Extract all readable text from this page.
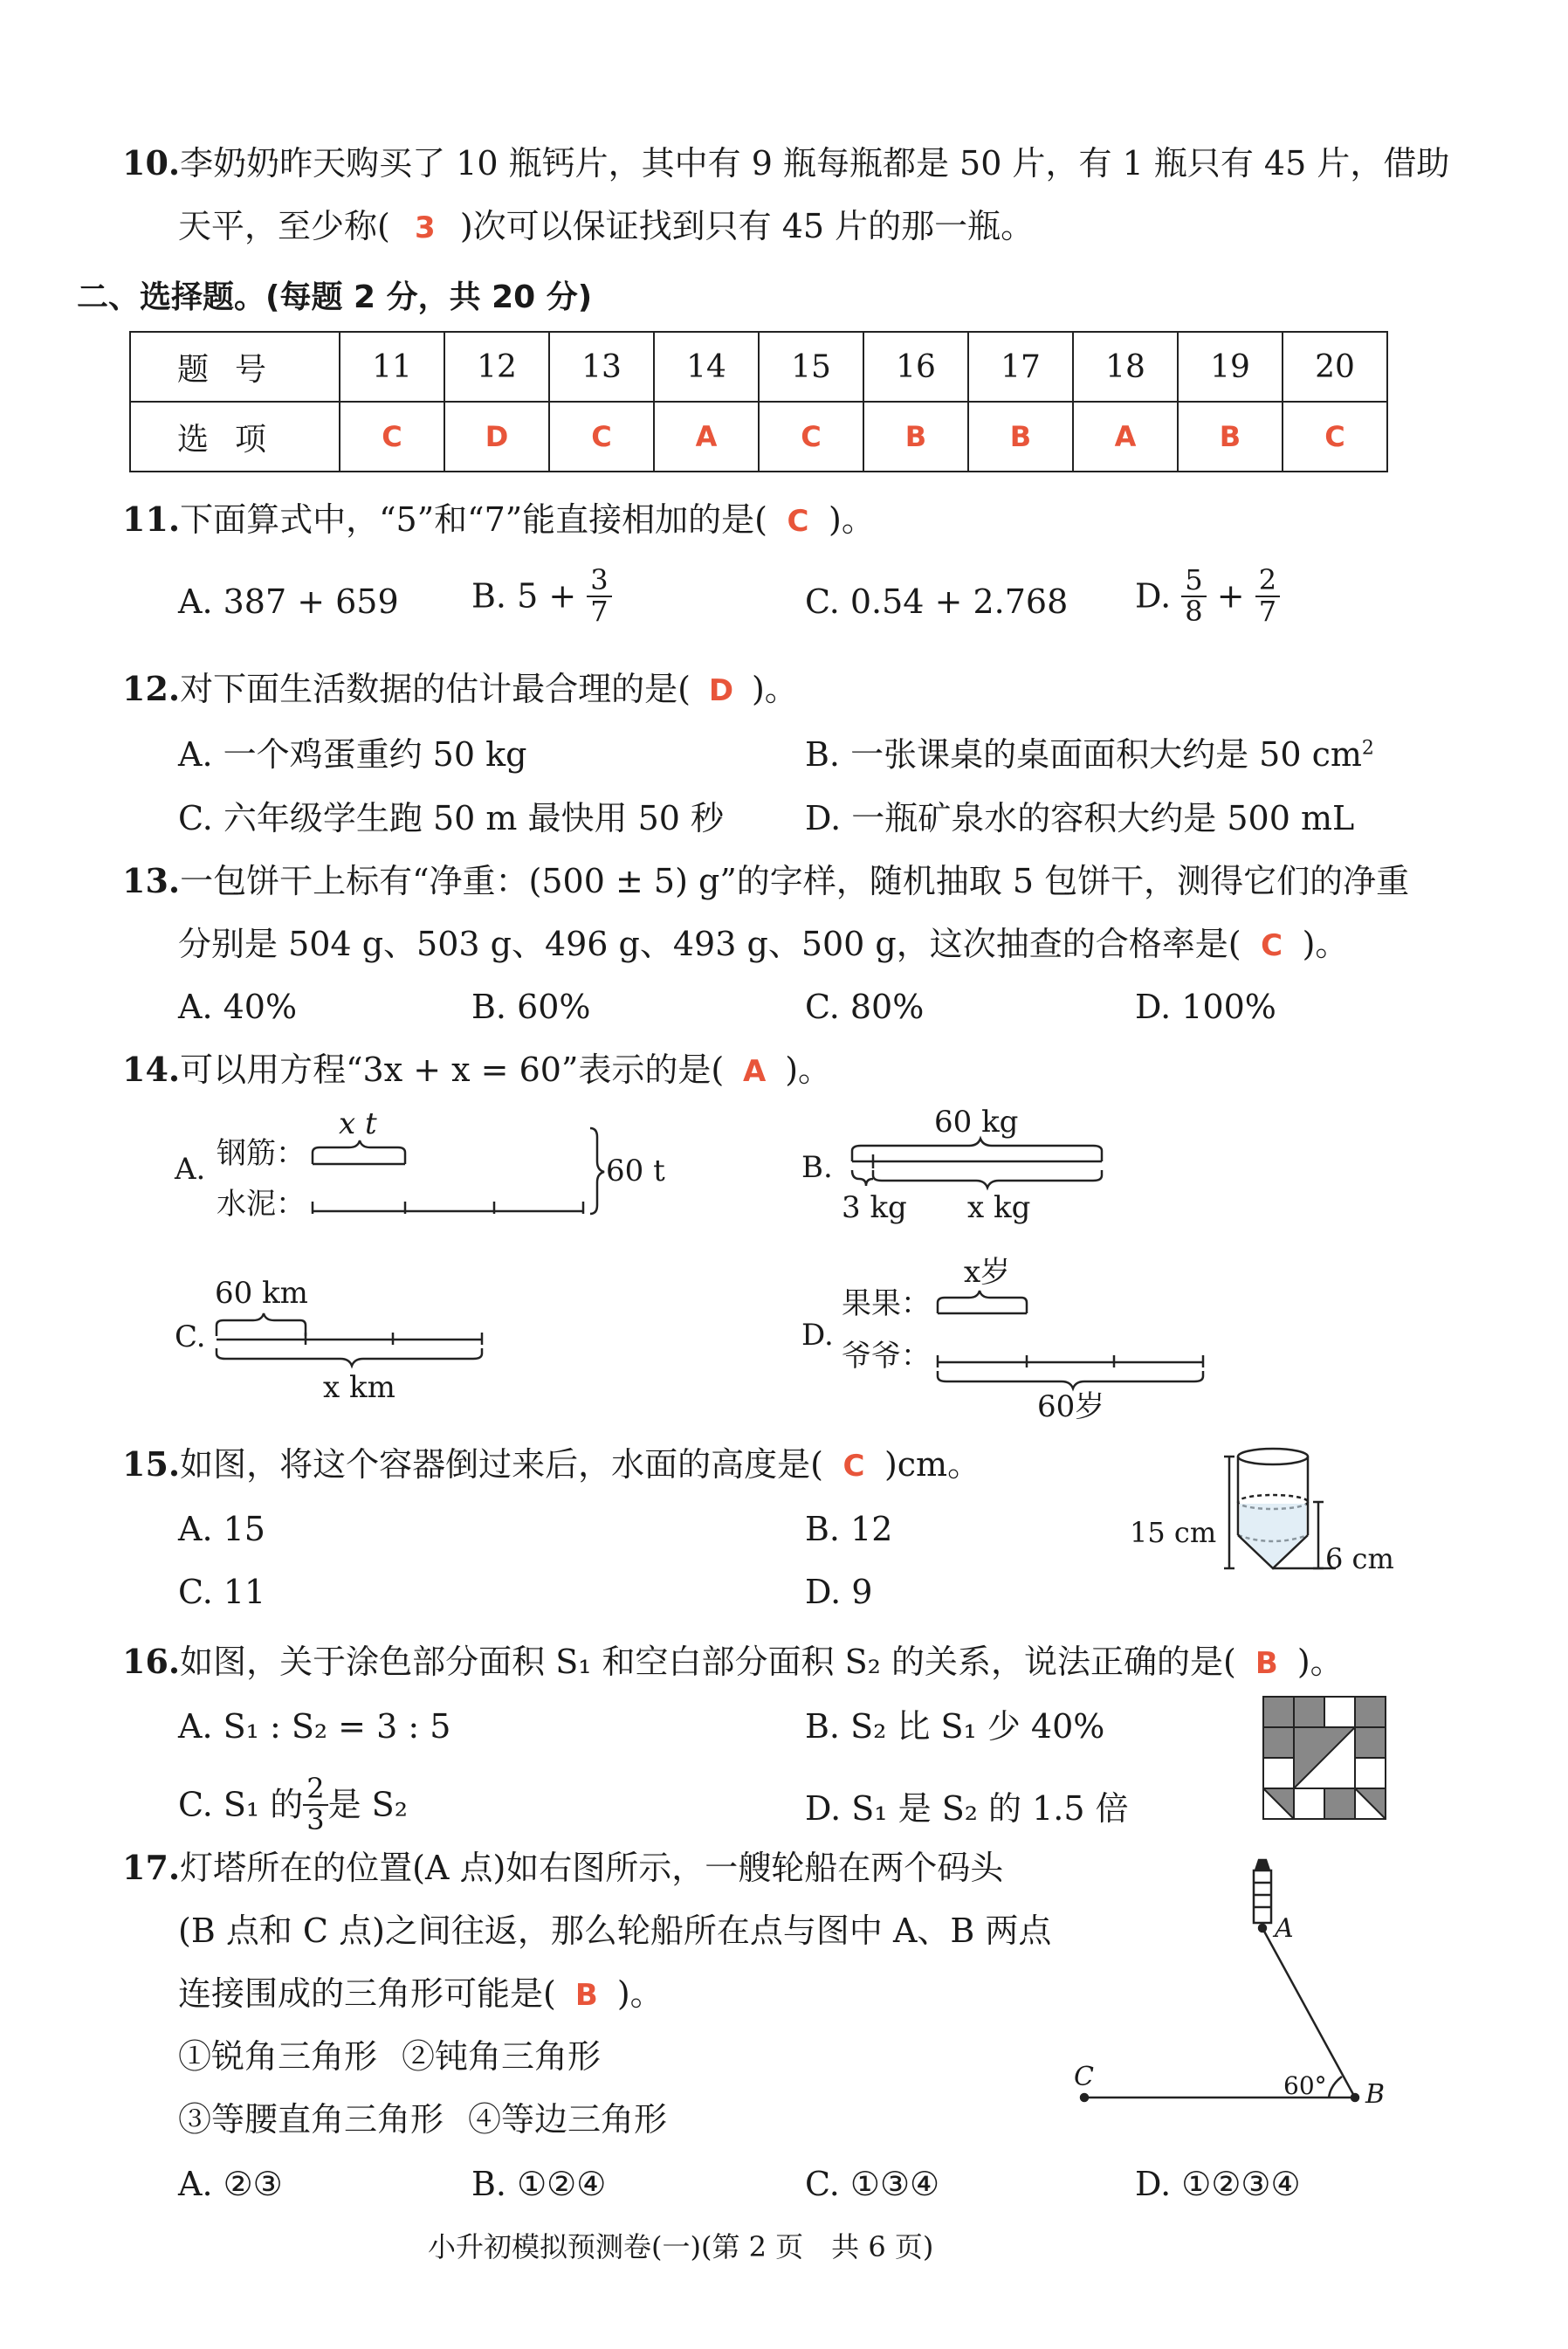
10.李奶奶昨天购买了 10 瓶钙片，其中有 9 瓶每瓶都是 50 片，有 1 瓶只有 45 片，借助
天平，至少称( 3 )次可以保证找到只有 45 片的那一瓶。
二、选择题。(每题 2 分，共 20 分)
题号	11	12	13	14	15	16	17	18	19	20
选项	C	D	C	A	C	B	B	A	B	C
11.下面算式中，“5”和“7”能直接相加的是( C )。
A. 387 + 659 B. $5 + \frac{3}{7}$	C. 0.54 + 2.768 D. $\frac{5}{8} + \frac{2}{7}$
12.对下面生活数据的估计最合理的是( D )。
A. 一个鸡蛋重约 50 kg	B. 一张课桌的桌面面积大约是 50 $cm^2$
C. 六年级学生跑 50 m 最快用 50 秒 D. 一瓶矿泉水的容积大约是 500 mL
13.一包饼干上标有“净重：(500 ± 5) g”的字样，随机抽取 5 包饼干，测得它们的净重
分别是 504 g、503 g、496 g、493 g、500 g，这次抽查的合格率是( C )。
A. 40%	B. 60%	C. 80%	D. 100%
14.可以用方程“3x + x = 60”表示的是( A )。
A. 钢筋：
水泥：
x t
60 t	B.
60 kg
3 kg x kg
C.
60 km
x km
D.
果果：
爷爷：
x岁
60岁
15.如图，将这个容器倒过来后，水面的高度是( C )cm。
A. 15	B. 12
C. 11	D. 9
15 cm
6 cm
16.如图，关于涂色部分面积 S₁ 和空白部分面积 S₂ 的关系，说法正确的是( B )。
A. S₁ : S₂ = 3 : 5	B. S₂ 比 S₁ 少 40%
C. S₁ 的 $\frac{2}{3}$ 是 S₂	D. S₁ 是 S₂ 的 1.5 倍
17.灯塔所在的位置(A 点)如右图所示，一艘轮船在两个码头
(B 点和 C 点)之间往返，那么轮船所在点与图中 A、B 两点
连接围成的三角形可能是( B )。
①锐角三角形 ②钝角三角形
③等腰直角三角形 ④等边三角形
A. ②③	B. ①②④	C. ①③④	D. ①②③④
A
B
C	60°
小升初模拟预测卷(一)(第 2 页　共 6 页)
